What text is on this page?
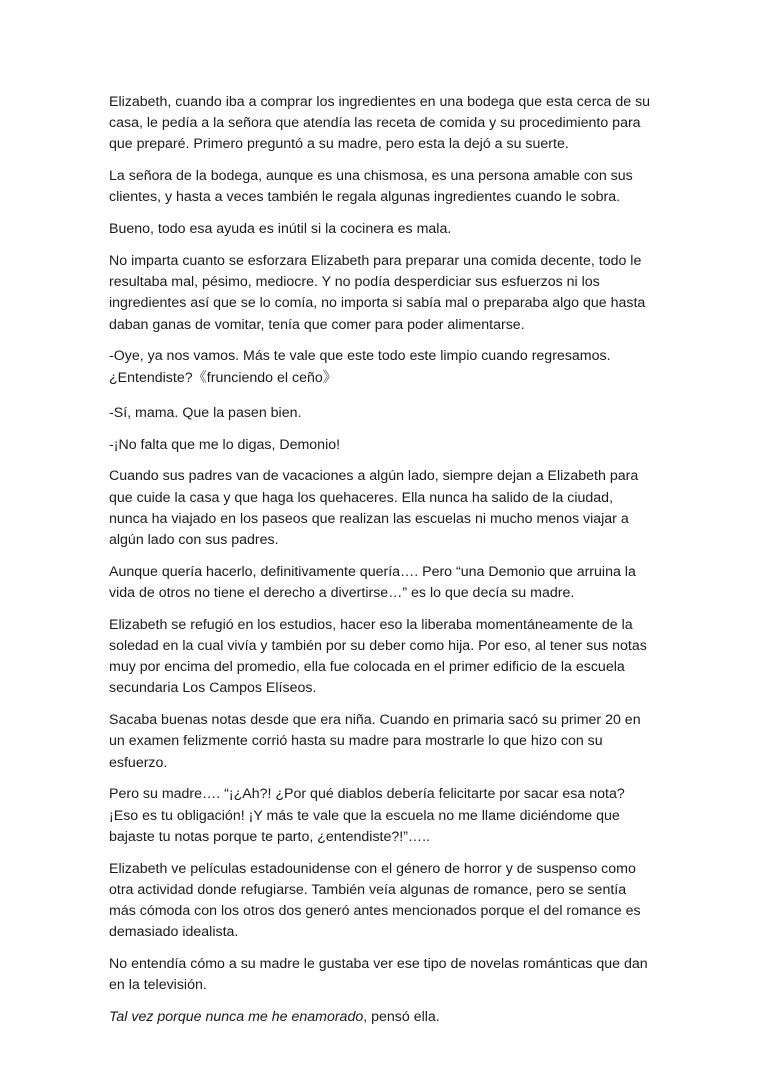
Elizabeth, cuando iba a comprar los ingredientes en una bodega que esta cerca de su casa, le pedía a la señora que atendía las receta de comida y su procedimiento para que preparé. Primero preguntó a su madre, pero esta la dejó a su suerte.

La señora de la bodega, aunque es una chismosa, es una persona amable con sus clientes, y hasta a veces también le regala algunas ingredientes cuando le sobra.

Bueno, todo esa ayuda es inútil si la cocinera es mala.

No imparta cuanto se esforzara Elizabeth para preparar una comida decente, todo le resultaba mal, pésimo, mediocre. Y no podía desperdiciar sus esfuerzos ni los ingredientes así que se lo comía, no importa si sabía mal o preparaba algo que hasta daban ganas de vomitar, tenía que comer para poder alimentarse.

-Oye, ya nos vamos. Más te vale que este todo este limpio cuando regresamos. ¿Entendiste?《frunciendo el ceño》

-Sí, mama. Que la pasen bien.

-¡No falta que me lo digas, Demonio!

Cuando sus padres van de vacaciones a algún lado, siempre dejan a Elizabeth para que cuide la casa y que haga los quehaceres. Ella nunca ha salido de la ciudad, nunca ha viajado en los paseos que realizan las escuelas ni mucho menos viajar a algún lado con sus padres.

Aunque quería hacerlo, definitivamente quería…. Pero “una Demonio que arruina la vida de otros no tiene el derecho a divertirse…” es lo que decía su madre.

Elizabeth se refugió en los estudios, hacer eso la liberaba momentáneamente de la soledad en la cual vivía y también por su deber como hija. Por eso, al tener sus notas muy por encima del promedio, ella fue colocada en el primer edificio de la escuela secundaria Los Campos Elíseos.

Sacaba buenas notas desde que era niña. Cuando en primaria sacó su primer 20 en un examen felizmente corrió hasta su madre para mostrarle lo que hizo con su esfuerzo.

Pero su madre…. “¡¿Ah?! ¿Por qué diablos debería felicitarte por sacar esa nota? ¡Eso es tu obligación! ¡Y más te vale que la escuela no me llame diciéndome que bajaste tu notas porque te parto, ¿entendiste?!”…..

Elizabeth ve películas estadounidense con el género de horror y de suspenso como otra actividad donde refugiarse. También veía algunas de romance, pero se sentía más cómoda con los otros dos generó antes mencionados porque el del romance es demasiado idealista.

No entendía cómo a su madre le gustaba ver ese tipo de novelas románticas que dan en la televisión.

Tal vez porque nunca me he enamorado, pensó ella.
